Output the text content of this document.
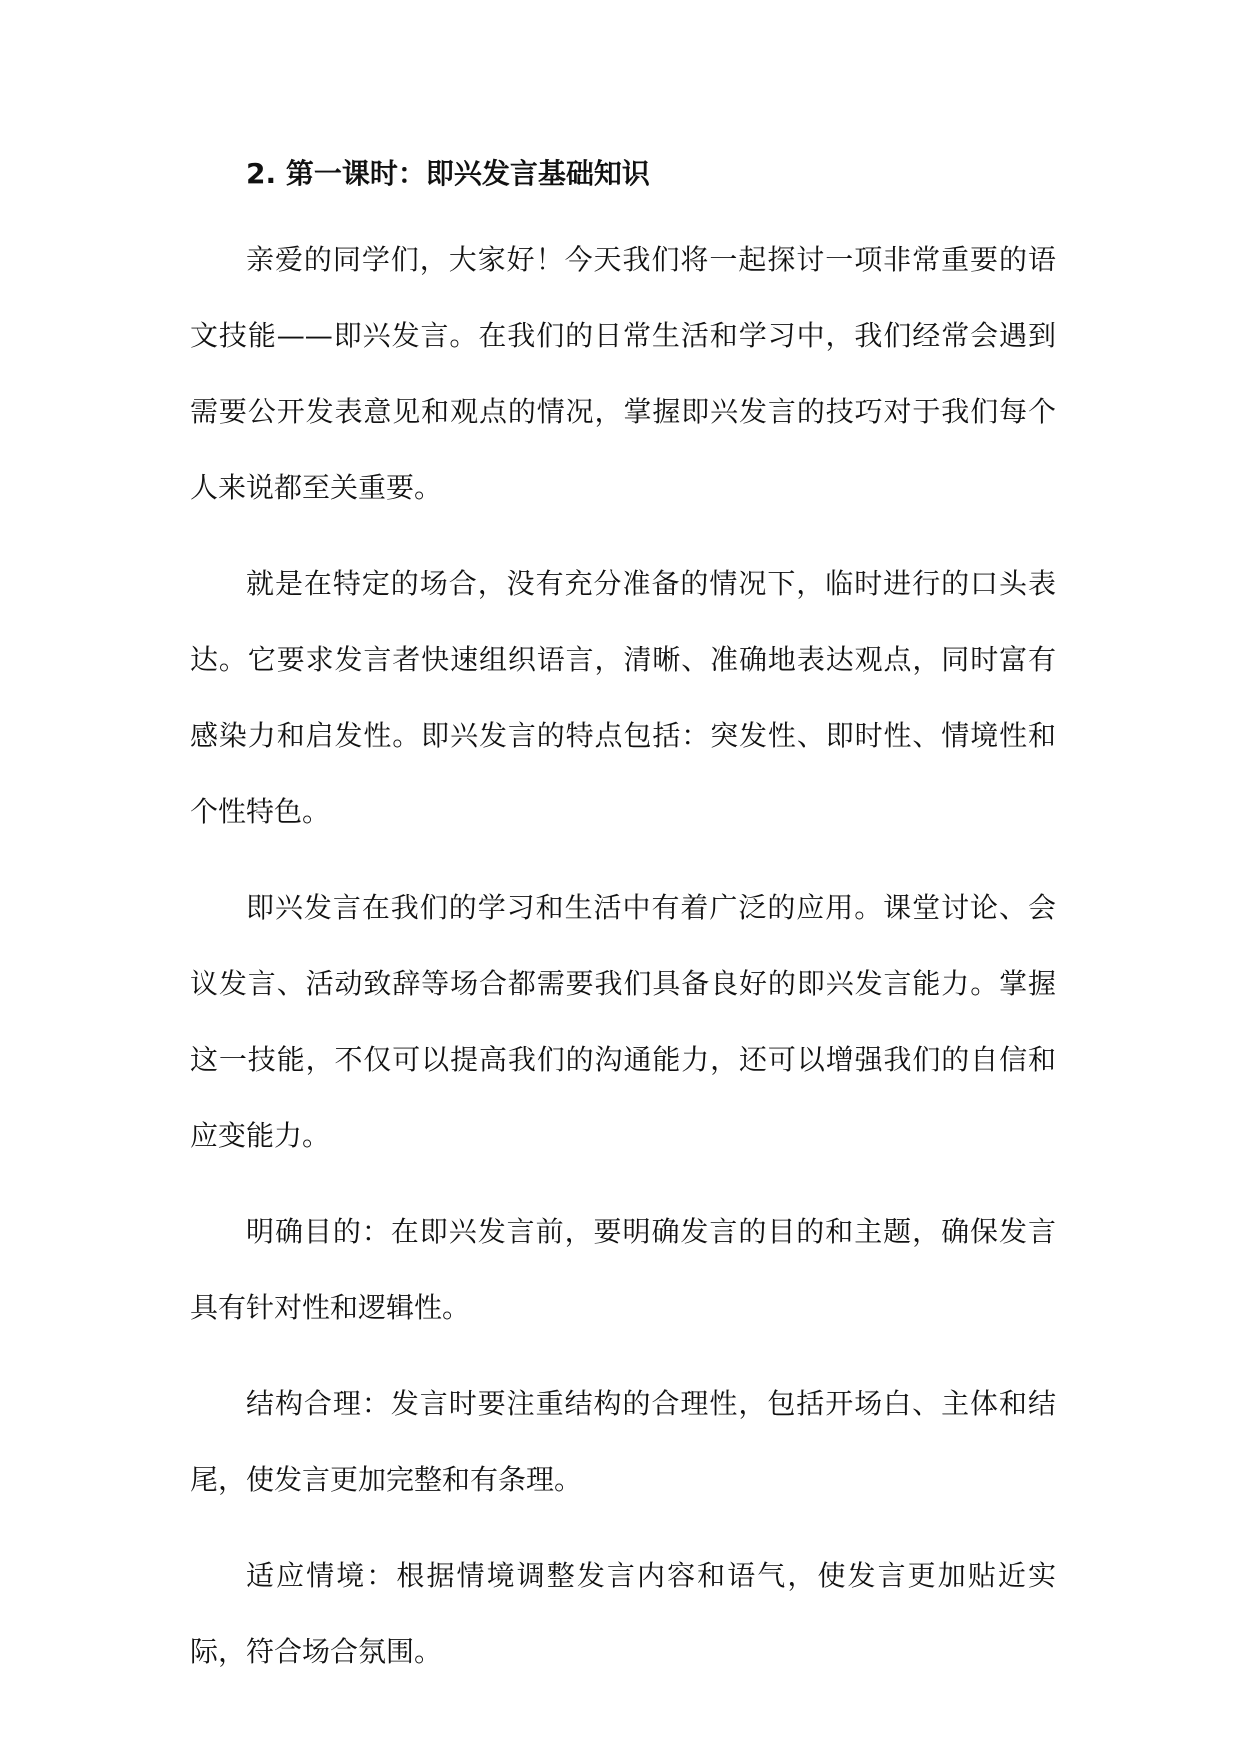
2. 第一课时：即兴发言基础知识

亲爱的同学们，大家好！今天我们将一起探讨一项非常重要的语文技能——即兴发言。在我们的日常生活和学习中，我们经常会遇到需要公开发表意见和观点的情况，掌握即兴发言的技巧对于我们每个人来说都至关重要。

就是在特定的场合，没有充分准备的情况下，临时进行的口头表达。它要求发言者快速组织语言，清晰、准确地表达观点，同时富有感染力和启发性。即兴发言的特点包括：突发性、即时性、情境性和个性特色。

即兴发言在我们的学习和生活中有着广泛的应用。课堂讨论、会议发言、活动致辞等场合都需要我们具备良好的即兴发言能力。掌握这一技能，不仅可以提高我们的沟通能力，还可以增强我们的自信和应变能力。

明确目的：在即兴发言前，要明确发言的目的和主题，确保发言具有针对性和逻辑性。

结构合理：发言时要注重结构的合理性，包括开场白、主体和结尾，使发言更加完整和有条理。

适应情境：根据情境调整发言内容和语气，使发言更加贴近实际，符合场合氛围。
